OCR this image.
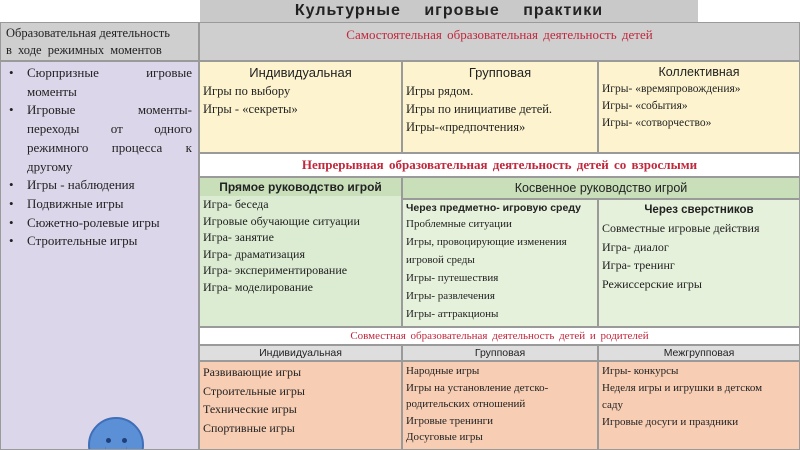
Культурные игровые практики
Образовательная деятельность
в ходе режимных моментов
• Сюрпризные игровые
моменты
• Игровые моменты-
переходы от одного
режимного процесса к
другому
• Игры - наблюдения
• Подвижные игры
• Сюжетно-ролевые игры
• Строительные игры
Самостоятельная образовательная деятельность детей
Индивидуальная
Игры по выбору
Игры - «секреты»
Групповая
Игры рядом.
Игры по инициативе детей.
Игры-«предпочтения»
Коллективная
Игры- «времяпровождения»
Игры- «события»
Игры- «сотворчество»
Непрерывная образовательная деятельность детей со взрослыми
Прямое руководство игрой
Игра- беседа
Игровые обучающие ситуации
Игра- занятие
Игра- драматизация
Игра- экспериментирование
Игра- моделирование
Косвенное руководство игрой
Через предметно- игровую среду
Проблемные ситуации
Игры, провоцирующие изменения
игровой среды
Игры- путешествия
Игры- развлечения
Игры- аттракционы
Через сверстников
Совместные игровые действия
Игра- диалог
Игра- тренинг
Режиссерские игры
Совместная образовательная деятельность детей и родителей
Индивидуальная	Групповая	Межгрупповая
Развивающие игры
Строительные игры
Технические игры
Спортивные игры
Народные игры
Игры на установление детско-
родительских отношений
Игровые тренинги
Досуговые игры
Игры- конкурсы
Неделя игры и игрушки в детском
саду
Игровые досуги и праздники
